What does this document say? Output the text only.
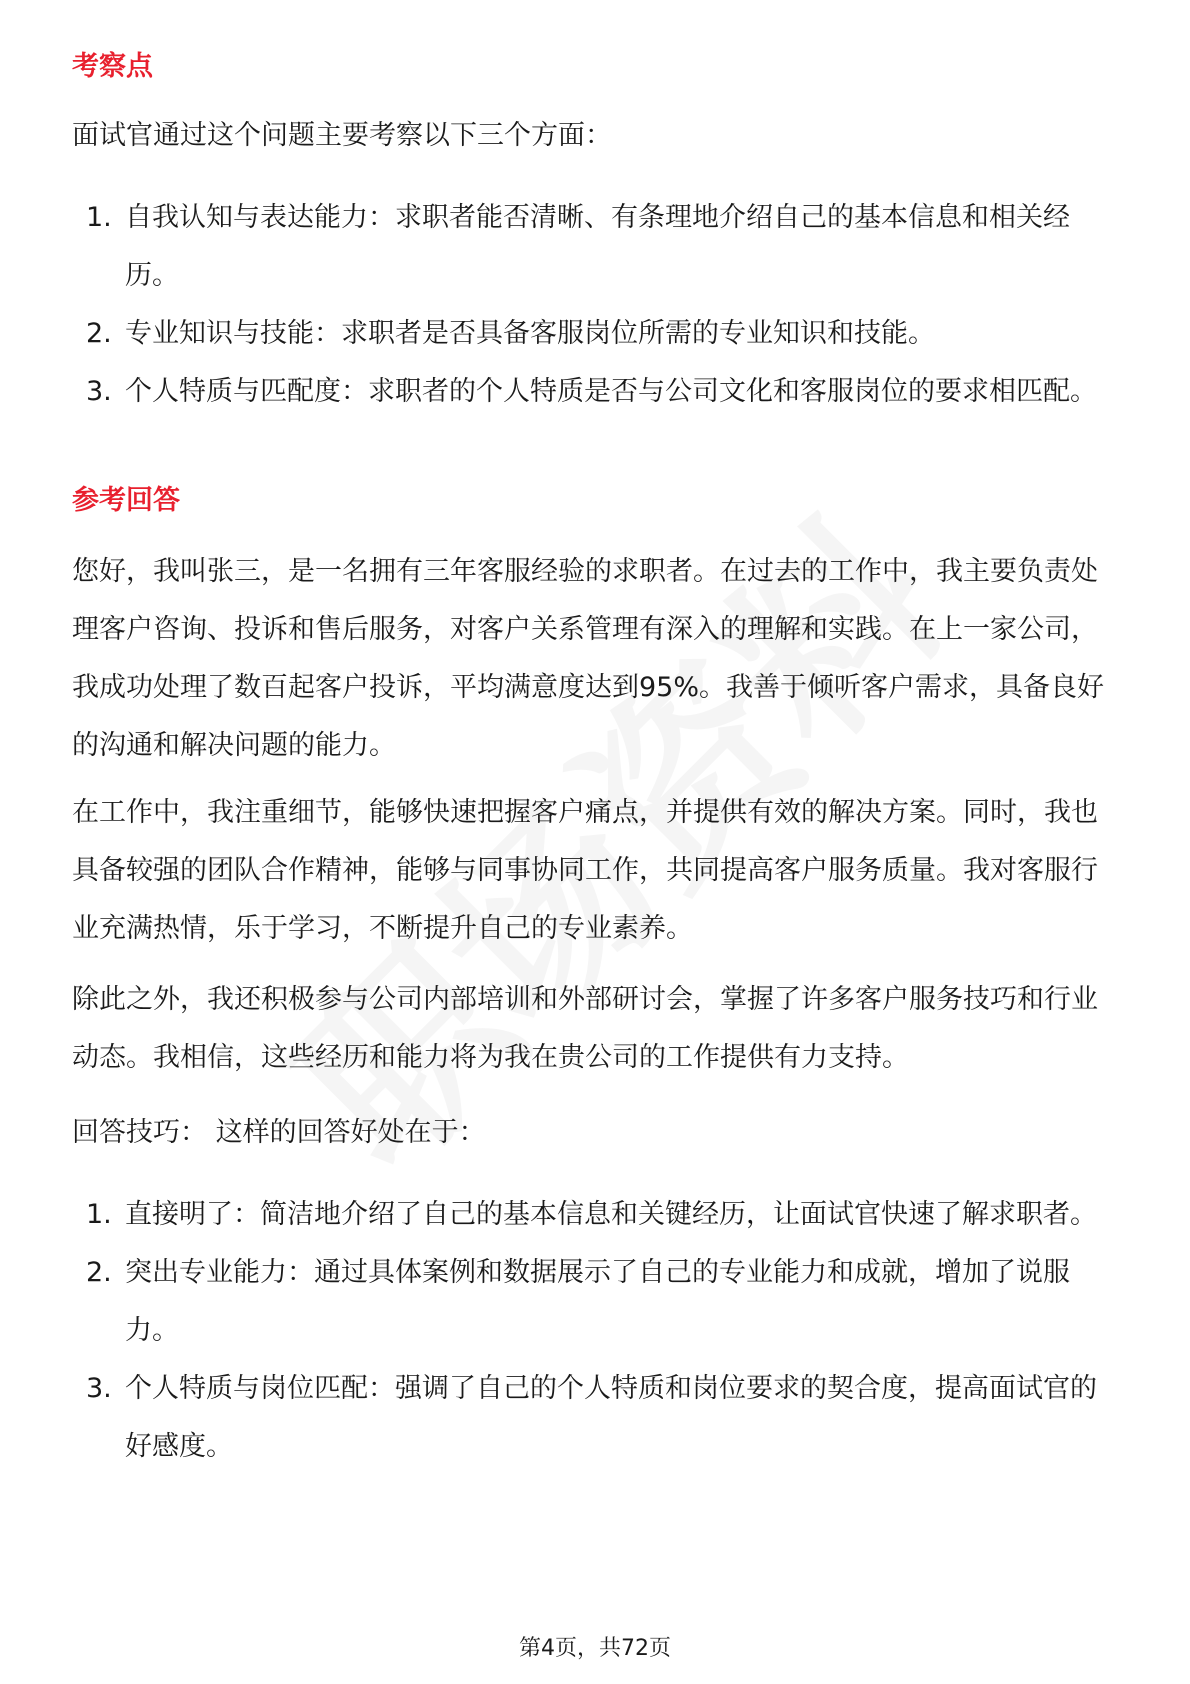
考察点

面试官通过这个问题主要考察以下三个方面：

1. 自我认知与表达能力：求职者能否清晰、有条理地介绍自己的基本信息和相关经历。
2. 专业知识与技能：求职者是否具备客服岗位所需的专业知识和技能。
3. 个人特质与匹配度：求职者的个人特质是否与公司文化和客服岗位的要求相匹配。
参考回答

您好，我叫张三，是一名拥有三年客服经验的求职者。在过去的工作中，我主要负责处理客户咨询、投诉和售后服务，对客户关系管理有深入的理解和实践。在上一家公司，我成功处理了数百起客户投诉，平均满意度达到95%。我善于倾听客户需求，具备良好的沟通和解决问题的能力。

在工作中，我注重细节，能够快速把握客户痛点，并提供有效的解决方案。同时，我也具备较强的团队合作精神，能够与同事协同工作，共同提高客户服务质量。我对客服行业充满热情，乐于学习，不断提升自己的专业素养。

除此之外，我还积极参与公司内部培训和外部研讨会，掌握了许多客户服务技巧和行业动态。我相信，这些经历和能力将为我在贵公司的工作提供有力支持。

回答技巧： 这样的回答好处在于：

1. 直接明了：简洁地介绍了自己的基本信息和关键经历，让面试官快速了解求职者。
2. 突出专业能力：通过具体案例和数据展示了自己的专业能力和成就，增加了说服力。
3. 个人特质与岗位匹配：强调了自己的个人特质和岗位要求的契合度，提高面试官的好感度。
第4页，共72页
